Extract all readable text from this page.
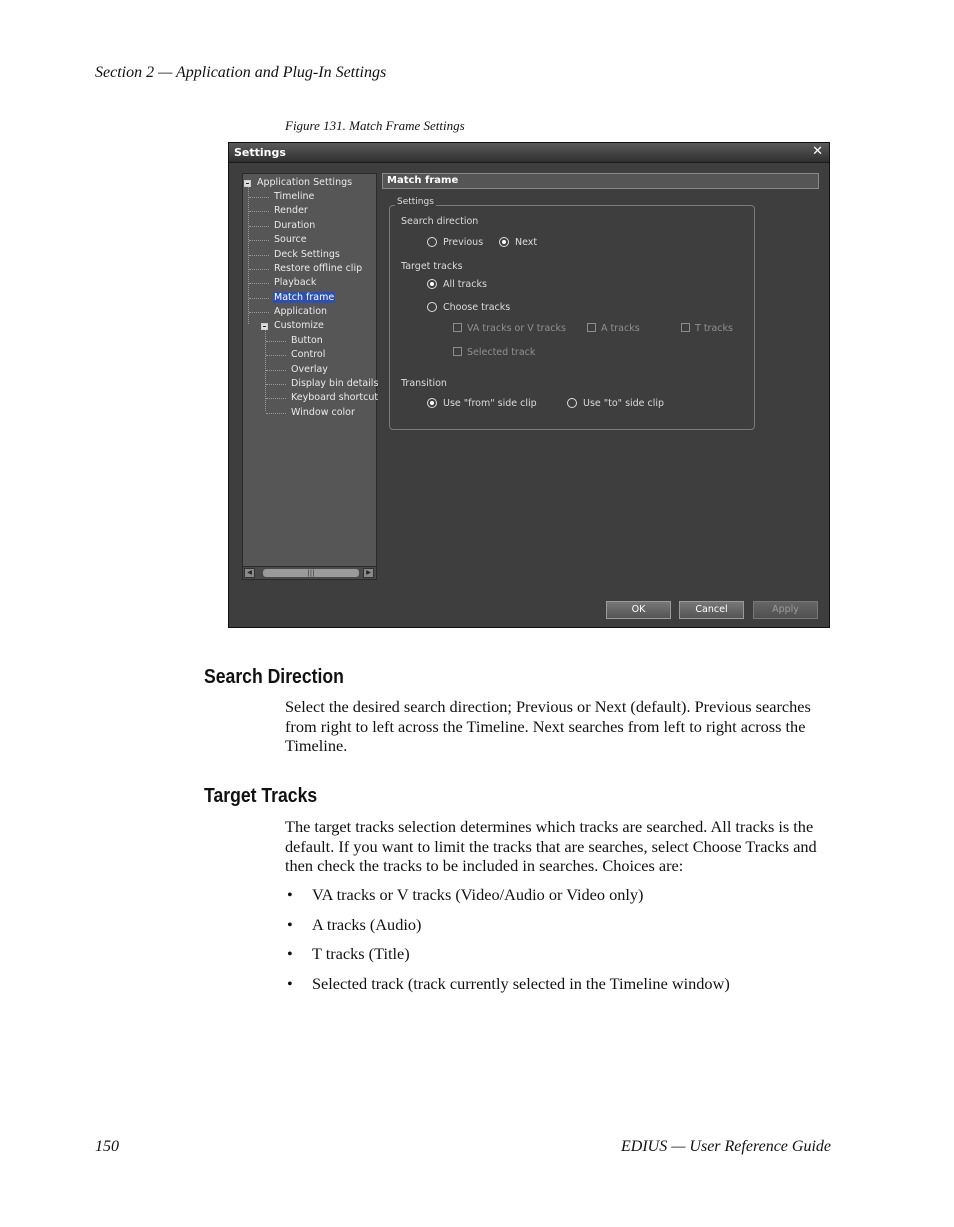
Section 2 — Application and Plug-In Settings
Figure 131. Match Frame Settings
Settings	✕
Application Settings
Timeline
Render
Duration
Source
Deck Settings
Restore offline clip
Playback
Match frame
Application
Customize
Button
Control
Overlay
Display bin details
Keyboard shortcut
Window color
◀	|||	▶
Match frame
Settings
Search direction
Previous	Next
Target tracks
All tracks
Choose tracks
VA tracks or V tracks	A tracks	T tracks
Selected track
Transition
Use "from" side clip	Use "to" side clip
OK	Cancel	Apply
Search Direction
Select the desired search direction; Previous or Next (default). Previous searches from right to left across the Timeline. Next searches from left to right across the Timeline.
Target Tracks
The target tracks selection determines which tracks are searched. All tracks is the default. If you want to limit the tracks that are searches, select Choose Tracks and then check the tracks to be included in searches. Choices are:
• VA tracks or V tracks (Video/Audio or Video only)
• A tracks (Audio)
• T tracks (Title)
• Selected track (track currently selected in the Timeline window)
150	EDIUS — User Reference Guide
